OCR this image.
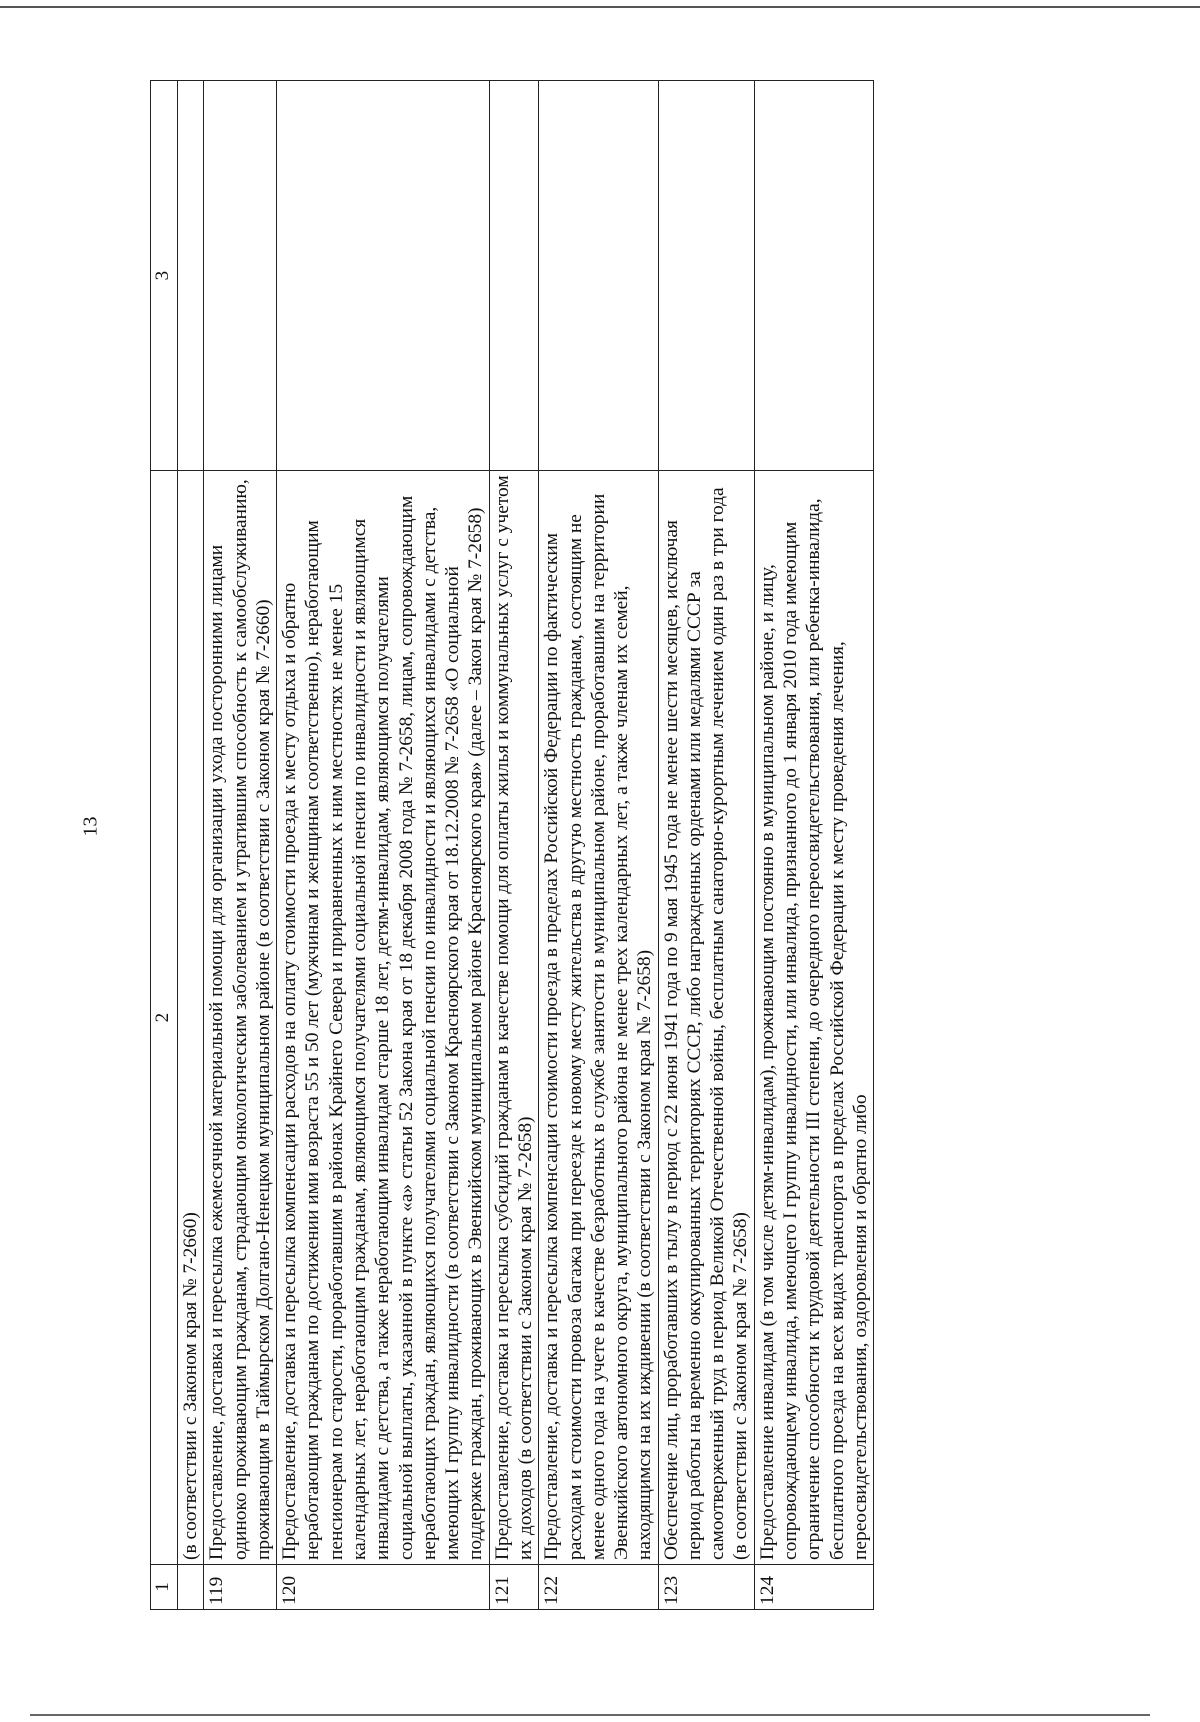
13
1	2	3
	(в соответствии с Законом края № 7-2660)	
119	Предоставление, доставка и пересылка ежемесячной материальной помощи для организации ухода посторонними лицами одиноко проживающим гражданам, страдающим онкологическим заболеванием и утратившим способность к самообслуживанию, проживающим в Таймырском Долгано-Ненецком муниципальном районе (в соответствии с Законом края № 7-2660)	
120	Предоставление, доставка и пересылка компенсации расходов на оплату стоимости проезда к месту отдыха и обратно неработающим гражданам по достижении ими возраста 55 и 50 лет (мужчинам и женщинам соответственно), неработающим пенсионерам по старости, проработавшим в районах Крайнего Севера и приравненных к ним местностях не менее 15 календарных лет, неработающим гражданам, являющимся получателями социальной пенсии по инвалидности и являющимся инвалидами с детства, а также неработающим инвалидам старше 18 лет, детям-инвалидам, являющимся получателями социальной выплаты, указанной в пункте «а» статьи 52 Закона края от 18 декабря 2008 года № 7-2658, лицам, сопровождающим неработающих граждан, являющихся получателями социальной пенсии по инвалидности и являющихся инвалидами с детства, имеющих I группу инвалидности (в соответствии с Законом Красноярского края от 18.12.2008 № 7-2658 «О социальной поддержке граждан, проживающих в Эвенкийском муниципальном районе Красноярского края» (далее – Закон края № 7-2658)	
121	Предоставление, доставка и пересылка субсидий гражданам в качестве помощи для оплаты жилья и коммунальных услуг с учетом их доходов (в соответствии с Законом края № 7-2658)	
122	Предоставление, доставка и пересылка компенсации стоимости проезда в пределах Российской Федерации по фактическим расходам и стоимости провоза багажа при переезде к новому месту жительства в другую местность гражданам, состоящим не менее одного года на учете в качестве безработных в службе занятости в муниципальном районе, проработавшим на территории Эвенкийского автономного округа, муниципального района не менее трех календарных лет, а также членам их семей, находящимся на их иждивении (в соответствии с Законом края № 7-2658)	
123	Обеспечение лиц, проработавших в тылу в период с 22 июня 1941 года по 9 мая 1945 года не менее шести месяцев, исключая период работы на временно оккупированных территориях СССР, либо награжденных орденами или медалями СССР за самоотверженный труд в период Великой Отечественной войны, бесплатным санаторно-курортным лечением один раз в три года (в соответствии с Законом края № 7-2658)	
124	Предоставление инвалидам (в том числе детям-инвалидам), проживающим постоянно в муниципальном районе, и лицу, сопровождающему инвалида, имеющего I группу инвалидности, или инвалида, признанного до 1 января 2010 года имеющим ограничение способности к трудовой деятельности III степени, до очередного переосвидетельствования, или ребенка-инвалида, бесплатного проезда на всех видах транспорта в пределах Российской Федерации к месту проведения лечения, переосвидетельствования, оздоровления и обратно либо	
